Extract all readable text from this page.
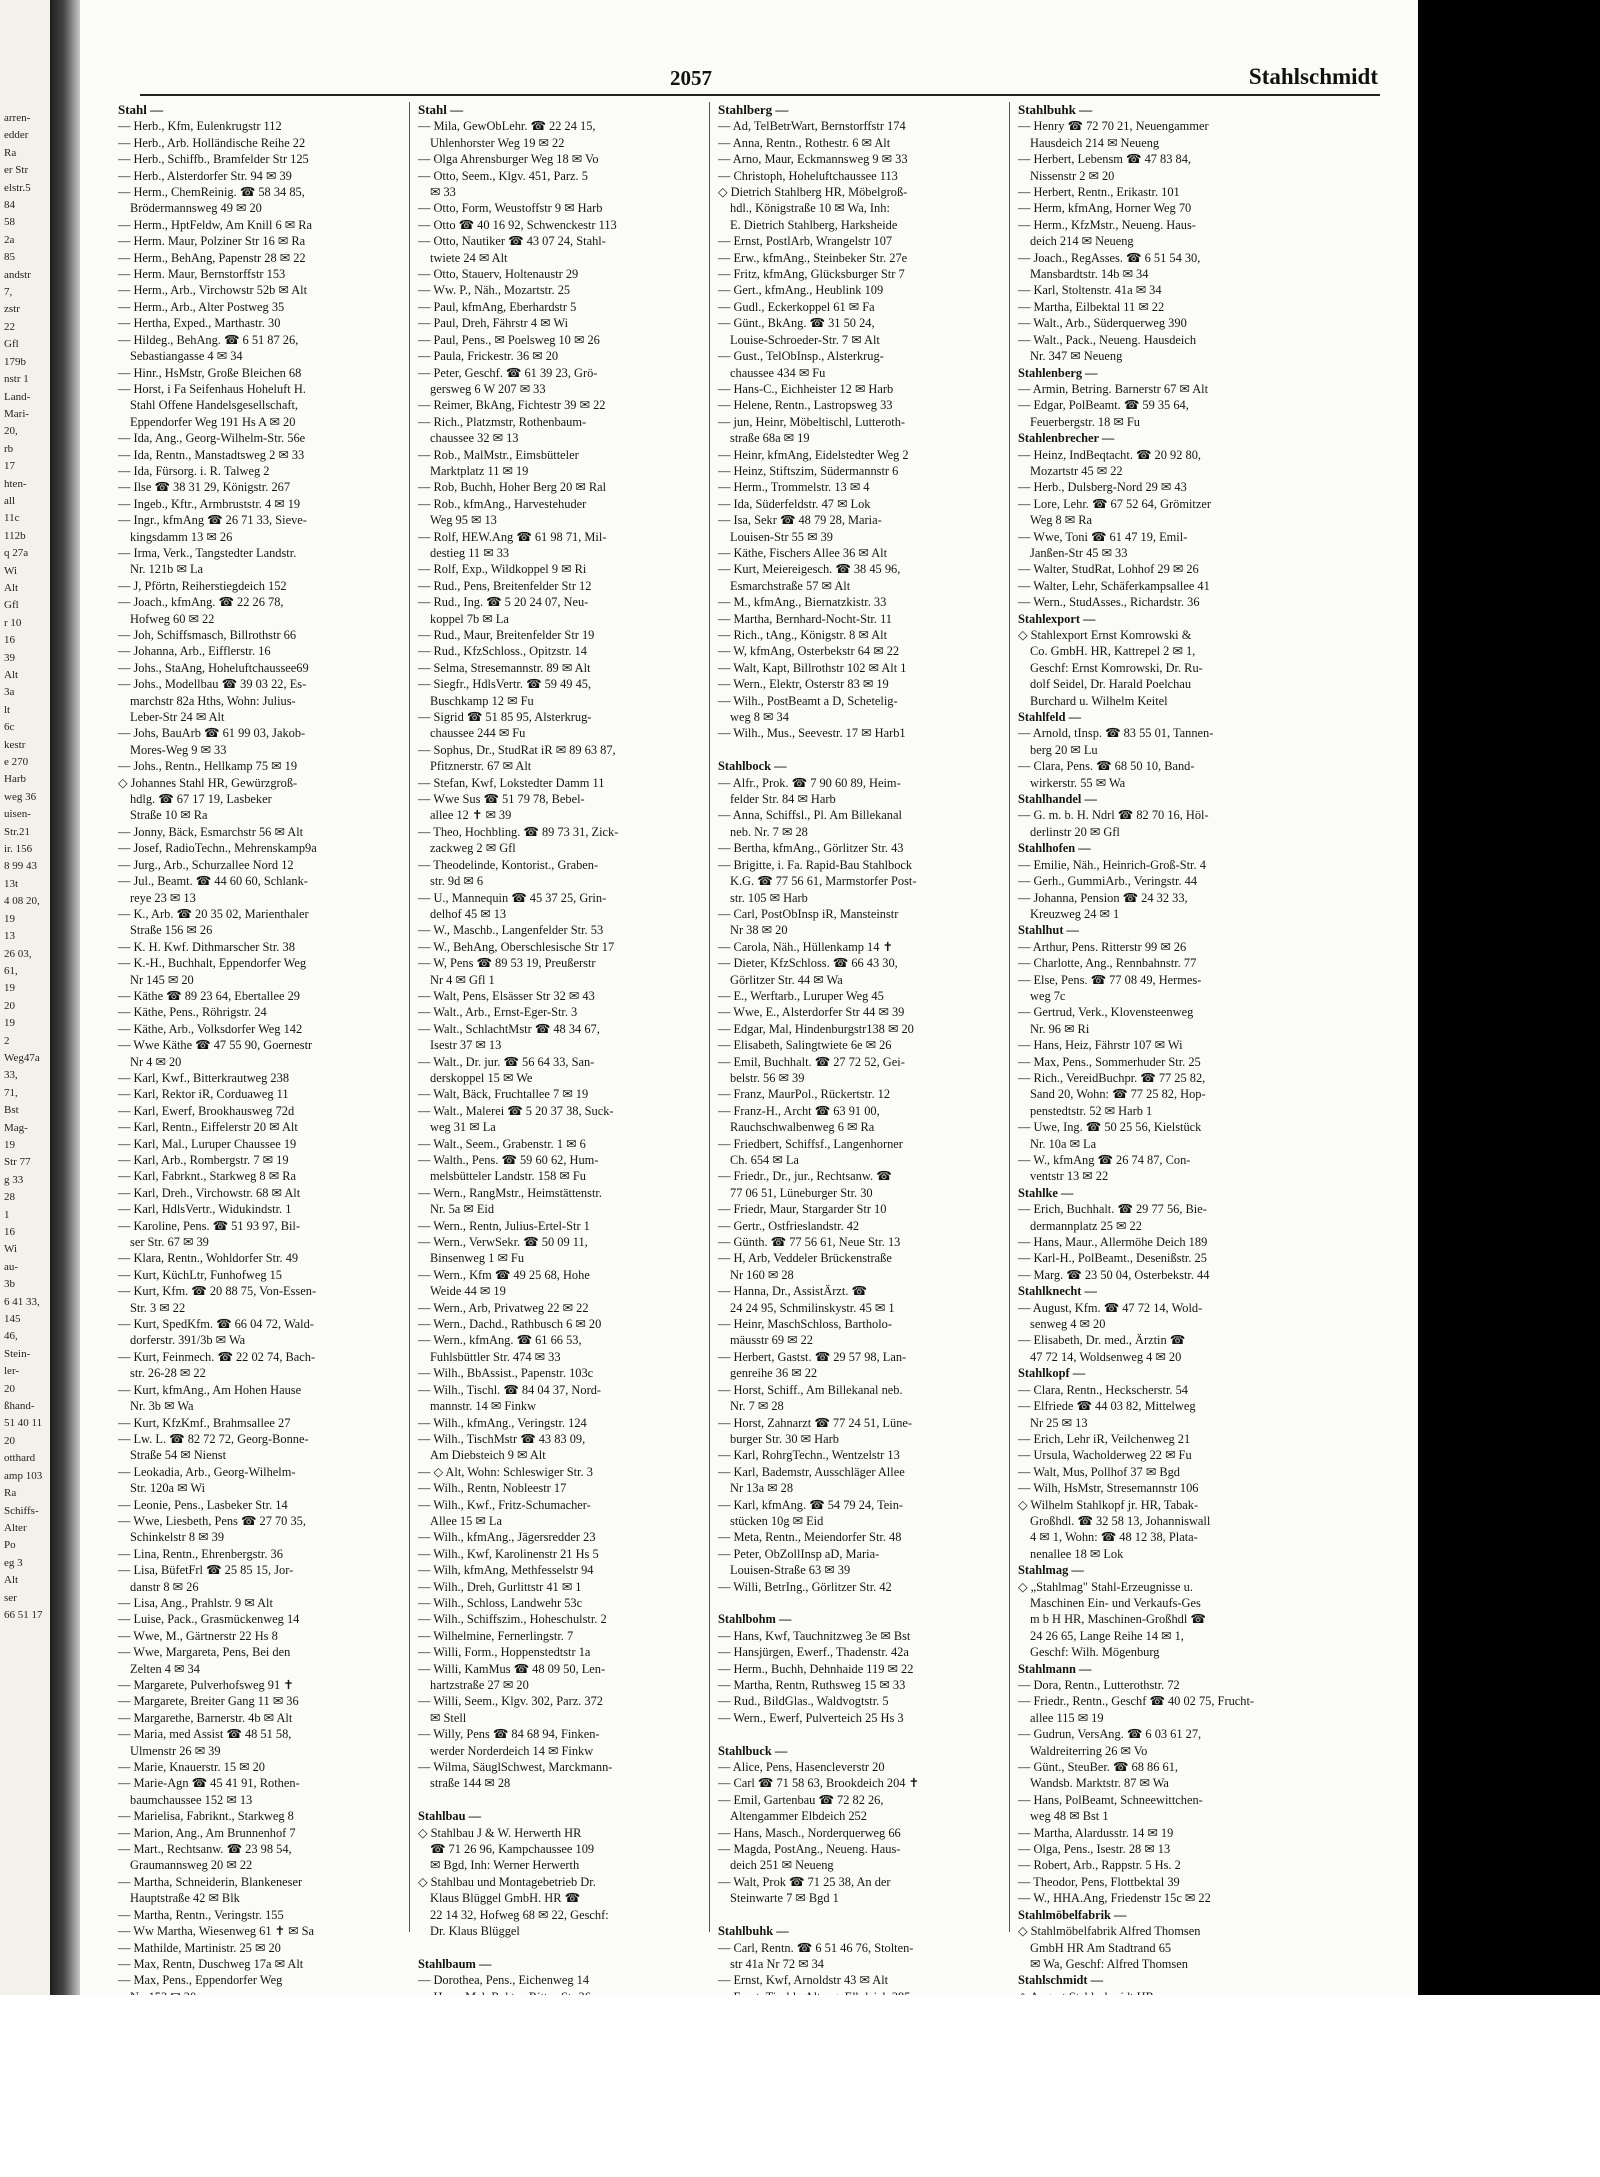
arren-
edder
Ra
er Str
elstr.5
84
58
2a
85
andstr
7,
zstr
22
Gfl
179b
nstr 1
Land-
Mari-
20,
rb
17
hten-
all
11c
112b
q 27a
Wi
Alt
Gfl
r 10
16
39
Alt
3a
lt
6c
kestr
e 270
Harb
weg 36
uisen-
Str.21
ir. 156
8 99 43
13t
4 08 20,
19
13
26 03,
61,
19
20
19
2
Weg47a
33,
71,
Bst
Mag-
19
Str 77
g 33
28
1
16
Wi
au-
3b
6 41 33,
145
46,
Stein-
ler-
20
ßhand-
51 40 11
20
otthard
amp 103
Ra
Schiffs-
Alter
Po
eg 3
Alt
ser
66 51 17
2057	Stahlschmidt
Stahl —
— Herb., Kfm, Eulenkrugstr 112
— Herb., Arb. Holländische Reihe 22
— Herb., Schiffb., Bramfelder Str 125
— Herb., Alsterdorfer Str. 94 ✉ 39
— Herm., ChemReinig. ☎ 58 34 85,
Brödermannsweg 49 ✉ 20
— Herm., HptFeldw, Am Knill 6 ✉ Ra
— Herm. Maur, Polziner Str 16 ✉ Ra
— Herm., BehAng, Papenstr 28 ✉ 22
— Herm. Maur, Bernstorffstr 153
— Herm., Arb., Virchowstr 52b ✉ Alt
— Herm., Arb., Alter Postweg 35
— Hertha, Exped., Marthastr. 30
— Hildeg., BehAng. ☎ 6 51 87 26,
Sebastiangasse 4 ✉ 34
— Hinr., HsMstr, Große Bleichen 68
— Horst, i Fa Seifenhaus Hoheluft H.
Stahl Offene Handelsgesellschaft,
Eppendorfer Weg 191 Hs A ✉ 20
— Ida, Ang., Georg-Wilhelm-Str. 56e
— Ida, Rentn., Manstadtsweg 2 ✉ 33
— Ida, Fürsorg. i. R. Talweg 2
— Ilse ☎ 38 31 29, Königstr. 267
— Ingeb., Kftr., Armbruststr. 4 ✉ 19
— Ingr., kfmAng ☎ 26 71 33, Sieve-
kingsdamm 13 ✉ 26
— Irma, Verk., Tangstedter Landstr.
Nr. 121b ✉ La
— J, Pförtn, Reiherstiegdeich 152
— Joach., kfmAng. ☎ 22 26 78,
Hofweg 60 ✉ 22
— Joh, Schiffsmasch, Billrothstr 66
— Johanna, Arb., Eifflerstr. 16
— Johs., StaAng, Hoheluftchaussee69
— Johs., Modellbau ☎ 39 03 22, Es-
marchstr 82a Hths, Wohn: Julius-
Leber-Str 24 ✉ Alt
— Johs, BauArb ☎ 61 99 03, Jakob-
Mores-Weg 9 ✉ 33
— Johs., Rentn., Hellkamp 75 ✉ 19
◇ Johannes Stahl HR, Gewürzgroß-
hdlg. ☎ 67 17 19, Lasbeker
Straße 10 ✉ Ra
— Jonny, Bäck, Esmarchstr 56 ✉ Alt
— Josef, RadioTechn., Mehrenskamp9a
— Jurg., Arb., Schurzallee Nord 12
— Jul., Beamt. ☎ 44 60 60, Schlank-
reye 23 ✉ 13
— K., Arb. ☎ 20 35 02, Marienthaler
Straße 156 ✉ 26
— K. H. Kwf. Dithmarscher Str. 38
— K.-H., Buchhalt, Eppendorfer Weg
Nr 145 ✉ 20
— Käthe ☎ 89 23 64, Ebertallee 29
— Käthe, Pens., Röhrigstr. 24
— Käthe, Arb., Volksdorfer Weg 142
— Wwe Käthe ☎ 47 55 90, Goernestr
Nr 4 ✉ 20
— Karl, Kwf., Bitterkrautweg 238
— Karl, Rektor iR, Corduaweg 11
— Karl, Ewerf, Brookhausweg 72d
— Karl, Rentn., Eiffelerstr 20 ✉ Alt
— Karl, Mal., Luruper Chaussee 19
— Karl, Arb., Rombergstr. 7 ✉ 19
— Karl, Fabrknt., Starkweg 8 ✉ Ra
— Karl, Dreh., Virchowstr. 68 ✉ Alt
— Karl, HdlsVertr., Widukindstr. 1
— Karoline, Pens. ☎ 51 93 97, Bil-
ser Str. 67 ✉ 39
— Klara, Rentn., Wohldorfer Str. 49
— Kurt, KüchLtr, Funhofweg 15
— Kurt, Kfm. ☎ 20 88 75, Von-Essen-
Str. 3 ✉ 22
— Kurt, SpedKfm. ☎ 66 04 72, Wald-
dorferstr. 391/3b ✉ Wa
— Kurt, Feinmech. ☎ 22 02 74, Bach-
str. 26-28 ✉ 22
— Kurt, kfmAng., Am Hohen Hause
Nr. 3b ✉ Wa
— Kurt, KfzKmf., Brahmsallee 27
— Lw. L. ☎ 82 72 72, Georg-Bonne-
Straße 54 ✉ Nienst
— Leokadia, Arb., Georg-Wilhelm-
Str. 120a ✉ Wi
— Leonie, Pens., Lasbeker Str. 14
— Wwe, Liesbeth, Pens ☎ 27 70 35,
Schinkelstr 8 ✉ 39
— Lina, Rentn., Ehrenbergstr. 36
— Lisa, BüfetFrl ☎ 25 85 15, Jor-
danstr 8 ✉ 26
— Lisa, Ang., Prahlstr. 9 ✉ Alt
— Luise, Pack., Grasmückenweg 14
— Wwe, M., Gärtnerstr 22 Hs 8
— Wwe, Margareta, Pens, Bei den
Zelten 4 ✉ 34
— Margarete, Pulverhofsweg 91 ✝
— Margarete, Breiter Gang 11 ✉ 36
— Margarethe, Barnerstr. 4b ✉ Alt
— Maria, med Assist ☎ 48 51 58,
Ulmenstr 26 ✉ 39
— Marie, Knauerstr. 15 ✉ 20
— Marie-Agn ☎ 45 41 91, Rothen-
baumchaussee 152 ✉ 13
— Marielisa, Fabriknt., Starkweg 8
— Marion, Ang., Am Brunnenhof 7
— Mart., Rechtsanw. ☎ 23 98 54,
Graumannsweg 20 ✉ 22
— Martha, Schneiderin, Blankeneser
Hauptstraße 42 ✉ Blk
— Martha, Rentn., Veringstr. 155
— Ww Martha, Wiesenweg 61 ✝ ✉ Sa
— Mathilde, Martinistr. 25 ✉ 20
— Max, Rentn, Duschweg 17a ✉ Alt
— Max, Pens., Eppendorfer Weg
Stahl —
— Mila, GewObLehr. ☎ 22 24 15,
Uhlenhorster Weg 19 ✉ 22
— Olga Ahrensburger Weg 18 ✉ Vo
— Otto, Seem., Klgv. 451, Parz. 5
✉ 33
— Otto, Form, Weustoffstr 9 ✉ Harb
— Otto ☎ 40 16 92, Schwenckestr 113
— Otto, Nautiker ☎ 43 07 24, Stahl-
twiete 24 ✉ Alt
— Otto, Stauerv, Holtenaustr 29
— Ww. P., Näh., Mozartstr. 25
— Paul, kfmAng, Eberhardstr 5
— Paul, Dreh, Fährstr 4 ✉ Wi
— Paul, Pens., ✉ Poelsweg 10 ✉ 26
— Paula, Frickestr. 36 ✉ 20
— Peter, Geschf. ☎ 61 39 23, Grö-
gersweg 6 W 207 ✉ 33
— Reimer, BkAng, Fichtestr 39 ✉ 22
— Rich., Platzmstr, Rothenbaum-
chaussee 32 ✉ 13
— Rob., MalMstr., Eimsbütteler
Marktplatz 11 ✉ 19
— Rob, Buchh, Hoher Berg 20 ✉ Ral
— Rob., kfmAng., Harvestehuder
Weg 95 ✉ 13
— Rolf, HEW.Ang ☎ 61 98 71, Mil-
destieg 11 ✉ 33
— Rolf, Exp., Wildkoppel 9 ✉ Ri
— Rud., Pens, Breitenfelder Str 12
— Rud., Ing. ☎ 5 20 24 07, Neu-
koppel 7b ✉ La
— Rud., Maur, Breitenfelder Str 19
— Rud., KfzSchloss., Opitzstr. 14
— Selma, Stresemannstr. 89 ✉ Alt
— Siegfr., HdlsVertr. ☎ 59 49 45,
Buschkamp 12 ✉ Fu
— Sigrid ☎ 51 85 95, Alsterkrug-
chaussee 244 ✉ Fu
— Sophus, Dr., StudRat iR ✉ 89 63 87,
Pfitznerstr. 67 ✉ Alt
— Stefan, Kwf, Lokstedter Damm 11
— Wwe Sus ☎ 51 79 78, Bebel-
allee 12 ✝ ✉ 39
— Theo, Hochbling. ☎ 89 73 31, Zick-
zackweg 2 ✉ Gfl
— Theodelinde, Kontorist., Graben-
str. 9d ✉ 6
— U., Mannequin ☎ 45 37 25, Grin-
delhof 45 ✉ 13
— W., Maschb., Langenfelder Str. 53
— W., BehAng, Oberschlesische Str 17
— W, Pens ☎ 89 53 19, Preußerstr
Nr 4 ✉ Gfl 1
— Walt, Pens, Elsässer Str 32 ✉ 43
— Walt., Arb., Ernst-Eger-Str. 3
— Walt., SchlachtMstr ☎ 48 34 67,
Isestr 37 ✉ 13
— Walt., Dr. jur. ☎ 56 64 33, San-
derskoppel 15 ✉ We
— Walt, Bäck, Fruchtallee 7 ✉ 19
— Walt., Malerei ☎ 5 20 37 38, Suck-
weg 31 ✉ La
— Walt., Seem., Grabenstr. 1 ✉ 6
— Walth., Pens. ☎ 59 60 62, Hum-
melsbütteler Landstr. 158 ✉ Fu
— Wern., RangMstr., Heimstättenstr.
Nr. 5a ✉ Eid
— Wern., Rentn, Julius-Ertel-Str 1
— Wern., VerwSekr. ☎ 50 09 11,
Binsenweg 1 ✉ Fu
— Wern., Kfm ☎ 49 25 68, Hohe
Weide 44 ✉ 19
— Wern., Arb, Privatweg 22 ✉ 22
— Wern., Dachd., Rathbusch 6 ✉ 20
— Wern., kfmAng. ☎ 61 66 53,
Fuhlsbüttler Str. 474 ✉ 33
— Wilh., BbAssist., Papenstr. 103c
— Wilh., Tischl. ☎ 84 04 37, Nord-
mannstr. 14 ✉ Finkw
— Wilh., kfmAng., Veringstr. 124
— Wilh., TischMstr ☎ 43 83 09,
Am Diebsteich 9 ✉ Alt
— ◇ Alt, Wohn: Schleswiger Str. 3
— Wilh., Rentn, Nobleestr 17
— Wilh., Kwf., Fritz-Schumacher-
Allee 15 ✉ La
— Wilh., kfmAng., Jägersredder 23
— Wilh., Kwf, Karolinenstr 21 Hs 5
— Wilh, kfmAng, Methfesselstr 94
— Wilh., Dreh, Gurlittstr 41 ✉ 1
— Wilh., Schloss, Landwehr 53c
— Wilh., Schiffszim., Hoheschulstr. 2
— Wilhelmine, Fernerlingstr. 7
— Willi, Form., Hoppenstedtstr 1a
— Willi, KamMus ☎ 48 09 50, Len-
hartzstraße 27 ✉ 20
— Willi, Seem., Klgv. 302, Parz. 372
✉ Stell
— Willy, Pens ☎ 84 68 94, Finken-
werder Norderdeich 14 ✉ Finkw
— Wilma, SäuglSchwest, Marckmann-
straße 144 ✉ 28

Stahlbau —
◇ Stahlbau J & W. Herwerth HR
☎ 71 26 96, Kampchaussee 109
✉ Bgd, Inh: Werner Herwerth
◇ Stahlbau und Montagebetrieb Dr.
Klaus Blüggel GmbH. HR ☎
22 14 32, Hofweg 68 ✉ 22, Geschf:
Dr. Klaus Blüggel

Stahlbaum —
— Dorothea, Pens., Eichenweg 14

Stahlberg —
— Ad, TelBetrWart, Bernstorffstr 174
— Anna, Rentn., Rothestr. 6 ✉ Alt
— Arno, Maur, Eckmannsweg 9 ✉ 33
— Christoph, Hoheluftchaussee 113
◇ Dietrich Stahlberg HR, Möbelgroß-
hdl., Königstraße 10 ✉ Wa, Inh:
E. Dietrich Stahlberg, Harksheide
— Ernst, PostlArb, Wrangelstr 107
— Erw., kfmAng., Steinbeker Str. 27e
— Fritz, kfmAng, Glücksburger Str 7
— Gert., kfmAng., Heublink 109
— Gudl., Eckerkoppel 61 ✉ Fa
— Günt., BkAng. ☎ 31 50 24,
Louise-Schroeder-Str. 7 ✉ Alt
— Gust., TelObInsp., Alsterkrug-
chaussee 434 ✉ Fu
— Hans-C., Eichheister 12 ✉ Harb
— Helene, Rentn., Lastropsweg 33
— jun, Heinr, Möbeltischl, Lutteroth-
straße 68a ✉ 19
— Heinr, kfmAng, Eidelstedter Weg 2
— Heinz, Stiftszim, Südermannstr 6
— Herm., Trommelstr. 13 ✉ 4
— Ida, Süderfeldstr. 47 ✉ Lok
— Isa, Sekr ☎ 48 79 28, Maria-
Louisen-Str 55 ✉ 39
— Käthe, Fischers Allee 36 ✉ Alt
— Kurt, Meiereigesch. ☎ 38 45 96,
Esmarchstraße 57 ✉ Alt
— M., kfmAng., Biernatzkistr. 33
— Martha, Bernhard-Nocht-Str. 11
— Rich., tAng., Königstr. 8 ✉ Alt
— W, kfmAng, Osterbekstr 64 ✉ 22
— Walt, Kapt, Billrothstr 102 ✉ Alt 1
— Wern., Elektr, Osterstr 83 ✉ 19
— Wilh., PostBeamt a D, Schetelig-
weg 8 ✉ 34
— Wilh., Mus., Seevestr. 17 ✉ Harb1

Stahlbock —
— Alfr., Prok. ☎ 7 90 60 89, Heim-
felder Str. 84 ✉ Harb
— Anna, Schiffsl., Pl. Am Billekanal
neb. Nr. 7 ✉ 28
— Bertha, kfmAng., Görlitzer Str. 43
— Brigitte, i. Fa. Rapid-Bau Stahlbock
K.G. ☎ 77 56 61, Marmstorfer Post-
str. 105 ✉ Harb
— Carl, PostObInsp iR, Mansteinstr
Nr 38 ✉ 20
— Carola, Näh., Hüllenkamp 14 ✝
— Dieter, KfzSchloss. ☎ 66 43 30,
Görlitzer Str. 44 ✉ Wa
— E., Werftarb., Luruper Weg 45
— Wwe, E., Alsterdorfer Str 44 ✉ 39
— Edgar, Mal, Hindenburgstr138 ✉ 20
— Elisabeth, Salingtwiete 6e ✉ 26
— Emil, Buchhalt. ☎ 27 72 52, Gei-
belstr. 56 ✉ 39
— Franz, MaurPol., Rückertstr. 12
— Franz-H., Archt ☎ 63 91 00,
Rauchschwalbenweg 6 ✉ Ra
— Friedbert, Schiffsf., Langenhorner
Ch. 654 ✉ La
— Friedr., Dr., jur., Rechtsanw. ☎
77 06 51, Lüneburger Str. 30
— Friedr, Maur, Stargarder Str 10
— Gertr., Ostfrieslandstr. 42
— Günth. ☎ 77 56 61, Neue Str. 13
— H, Arb, Veddeler Brückenstraße
Nr 160 ✉ 28
— Hanna, Dr., AssistÄrzt. ☎
24 24 95, Schmilinskystr. 45 ✉ 1
— Heinr, MaschSchloss, Bartholo-
mäusstr 69 ✉ 22
— Herbert, Gastst. ☎ 29 57 98, Lan-
genreihe 36 ✉ 22
— Horst, Schiff., Am Billekanal neb.
Nr. 7 ✉ 28
— Horst, Zahnarzt ☎ 77 24 51, Lüne-
burger Str. 30 ✉ Harb
— Karl, RohrgTechn., Wentzelstr 13
— Karl, Bademstr, Ausschläger Allee
Nr 13a ✉ 28
— Karl, kfmAng. ☎ 54 79 24, Tein-
stücken 10g ✉ Eid
— Meta, Rentn., Meiendorfer Str. 48
— Peter, ObZollInsp aD, Maria-
Louisen-Straße 63 ✉ 39
— Willi, BetrIng., Görlitzer Str. 42

Stahlbohm —
— Hans, Kwf, Tauchnitzweg 3e ✉ Bst
— Hansjürgen, Ewerf., Thadenstr. 42a
— Herm., Buchh, Dehnhaide 119 ✉ 22
— Martha, Rentn, Ruthsweg 15 ✉ 33
— Rud., BildGlas., Waldvogtstr. 5
— Wern., Ewerf, Pulverteich 25 Hs 3

Stahlbuck —
— Alice, Pens, Hasencleverstr 20
— Carl ☎ 71 58 63, Brookdeich 204 ✝
— Emil, Gartenbau ☎ 72 82 26,
Altengammer Elbdeich 252
— Hans, Masch., Norderquerweg 66
— Magda, PostAng., Neueng. Haus-
deich 251 ✉ Neueng
— Walt, Prok ☎ 71 25 38, An der
Steinwarte 7 ✉ Bgd 1

Stahlbuhk —
— Carl, Rentn. ☎ 6 51 46 76, Stolten-
str 41a Nr 72 ✉ 34
— Ernst, Kwf, Arnoldstr 43 ✉ Alt
Stahlbuhk —
— Henry ☎ 72 70 21, Neuengammer
Hausdeich 214 ✉ Neueng
— Herbert, Lebensm ☎ 47 83 84,
Nissenstr 2 ✉ 20
— Herbert, Rentn., Erikastr. 101
— Herm, kfmAng, Horner Weg 70
— Herm., KfzMstr., Neueng. Haus-
deich 214 ✉ Neueng
— Joach., RegAsses. ☎ 6 51 54 30,
Mansbardtstr. 14b ✉ 34
— Karl, Stoltenstr. 41a ✉ 34
— Martha, Eilbektal 11 ✉ 22
— Walt., Arb., Süderquerweg 390
— Walt., Pack., Neueng. Hausdeich
Nr. 347 ✉ Neueng
Stahlenberg —
— Armin, Betring. Barnerstr 67 ✉ Alt
— Edgar, PolBeamt. ☎ 59 35 64,
Feuerbergstr. 18 ✉ Fu
Stahlenbrecher —
— Heinz, IndBeqtacht. ☎ 20 92 80,
Mozartstr 45 ✉ 22
— Herb., Dulsberg-Nord 29 ✉ 43
— Lore, Lehr. ☎ 67 52 64, Grömitzer
Weg 8 ✉ Ra
— Wwe, Toni ☎ 61 47 19, Emil-
Janßen-Str 45 ✉ 33
— Walter, StudRat, Lohhof 29 ✉ 26
— Walter, Lehr, Schäferkampsallee 41
— Wern., StudAsses., Richardstr. 36
Stahlexport —
◇ Stahlexport Ernst Komrowski &
Co. GmbH. HR, Kattrepel 2 ✉ 1,
Geschf: Ernst Komrowski, Dr. Ru-
dolf Seidel, Dr. Harald Poelchau
Burchard u. Wilhelm Keitel
Stahlfeld —
— Arnold, tInsp. ☎ 83 55 01, Tannen-
berg 20 ✉ Lu
— Clara, Pens. ☎ 68 50 10, Band-
wirkerstr. 55 ✉ Wa
Stahlhandel —
— G. m. b. H. Ndrl ☎ 82 70 16, Höl-
derlinstr 20 ✉ Gfl
Stahlhofen —
— Emilie, Näh., Heinrich-Groß-Str. 4
— Gerh., GummiArb., Veringstr. 44
— Johanna, Pension ☎ 24 32 33,
Kreuzweg 24 ✉ 1
Stahlhut —
— Arthur, Pens. Ritterstr 99 ✉ 26
— Charlotte, Ang., Rennbahnstr. 77
— Else, Pens. ☎ 77 08 49, Hermes-
weg 7c
— Gertrud, Verk., Klovensteenweg
Nr. 96 ✉ Ri
— Hans, Heiz, Fährstr 107 ✉ Wi
— Max, Pens., Sommerhuder Str. 25
— Rich., VereidBuchpr. ☎ 77 25 82,
Sand 20, Wohn: ☎ 77 25 82, Hop-
penstedtstr. 52 ✉ Harb 1
— Uwe, Ing. ☎ 50 25 56, Kielstück
Nr. 10a ✉ La
— W., kfmAng ☎ 26 74 87, Con-
ventstr 13 ✉ 22
Stahlke —
— Erich, Buchhalt. ☎ 29 77 56, Bie-
dermannplatz 25 ✉ 22
— Hans, Maur., Allermöhe Deich 189
— Karl-H., PolBeamt., Desenißstr. 25
— Marg. ☎ 23 50 04, Osterbekstr. 44
Stahlknecht —
— August, Kfm. ☎ 47 72 14, Wold-
senweg 4 ✉ 20
— Elisabeth, Dr. med., Ärztin ☎
47 72 14, Woldsenweg 4 ✉ 20
Stahlkopf —
— Clara, Rentn., Heckscherstr. 54
— Elfriede ☎ 44 03 82, Mittelweg
Nr 25 ✉ 13
— Erich, Lehr iR, Veilchenweg 21
— Ursula, Wacholderweg 22 ✉ Fu
— Walt, Mus, Pollhof 37 ✉ Bgd
— Wilh, HsMstr, Stresemannstr 106
◇ Wilhelm Stahlkopf jr. HR, Tabak-
Großhdl. ☎ 32 58 13, Johanniswall
4 ✉ 1, Wohn: ☎ 48 12 38, Plata-
nenallee 18 ✉ Lok
Stahlmag —
◇ „Stahlmag" Stahl-Erzeugnisse u.
Maschinen Ein- und Verkaufs-Ges
m b H HR, Maschinen-Großhdl ☎
24 26 65, Lange Reihe 14 ✉ 1,
Geschf: Wilh. Mögenburg
Stahlmann —
— Dora, Rentn., Lutterothstr. 72
— Friedr., Rentn., Geschf ☎ 40 02 75, Frucht-
allee 115 ✉ 19
— Gudrun, VersAng. ☎ 6 03 61 27,
Waldreiterring 26 ✉ Vo
— Günt., SteuBer. ☎ 68 86 61,
Wandsb. Marktstr. 87 ✉ Wa
— Hans, PolBeamt, Schneewittchen-
weg 48 ✉ Bst 1
— Martha, Alardusstr. 14 ✉ 19
— Olga, Pens., Isestr. 28 ✉ 13
— Robert, Arb., Rappstr. 5 Hs. 2
— Theodor, Pens, Flottbektal 39
— W., HHA.Ang, Friedenstr 15c ✉ 22
Stahlmöbelfabrik —
◇ Stahlmöbelfabrik Alfred Thomsen
GmbH HR Am Stadtrand 65
✉ Wa, Geschf: Alfred Thomsen
Stahlschmidt —
